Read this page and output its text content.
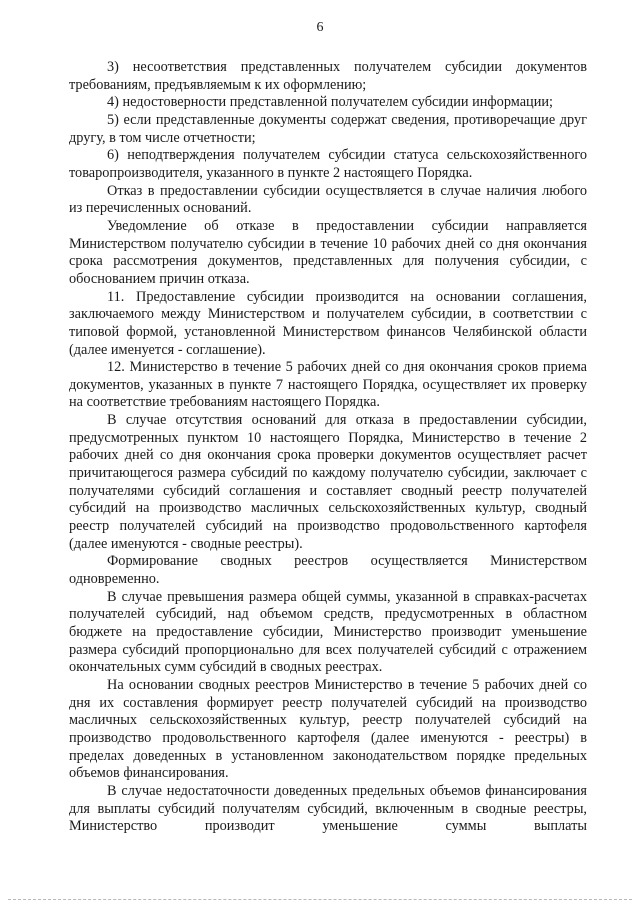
6

3) несоответствия представленных получателем субсидии документов требованиям, предъявляемым к их оформлению;

4) недостоверности представленной получателем субсидии информации;

5) если представленные документы содержат сведения, противоречащие друг другу, в том числе отчетности;

6) неподтверждения получателем субсидии статуса сельскохозяйственного товаропроизводителя, указанного в пункте 2 настоящего Порядка.

Отказ в предоставлении субсидии осуществляется в случае наличия любого из перечисленных оснований.

Уведомление об отказе в предоставлении субсидии направляется Министерством получателю субсидии в течение 10 рабочих дней со дня окончания срока рассмотрения документов, представленных для получения субсидии, с обоснованием причин отказа.

11. Предоставление субсидии производится на основании соглашения, заключаемого между Министерством и получателем субсидии, в соответствии с типовой формой, установленной Министерством финансов Челябинской области (далее именуется - соглашение).

12. Министерство в течение 5 рабочих дней со дня окончания сроков приема документов, указанных в пункте 7 настоящего Порядка, осуществляет их проверку на соответствие требованиям настоящего Порядка.

В случае отсутствия оснований для отказа в предоставлении субсидии, предусмотренных пунктом 10 настоящего Порядка, Министерство в течение 2 рабочих дней со дня окончания срока проверки документов осуществляет расчет причитающегося размера субсидий по каждому получателю субсидии, заключает с получателями субсидий соглашения и составляет сводный реестр получателей субсидий на производство масличных сельскохозяйственных культур, сводный реестр получателей субсидий на производство продовольственного картофеля (далее именуются - сводные реестры).

Формирование сводных реестров осуществляется Министерством одновременно.

В случае превышения размера общей суммы, указанной в справках-расчетах получателей субсидий, над объемом средств, предусмотренных в областном бюджете на предоставление субсидии, Министерство производит уменьшение размера субсидий пропорционально для всех получателей субсидий с отражением окончательных сумм субсидий в сводных реестрах.

На основании сводных реестров Министерство в течение 5 рабочих дней со дня их составления формирует реестр получателей субсидий на производство масличных сельскохозяйственных культур, реестр получателей субсидий на производство продовольственного картофеля (далее именуются - реестры) в пределах доведенных в установленном законодательством порядке предельных объемов финансирования.

В случае недостаточности доведенных предельных объемов финансирования для выплаты субсидий получателям субсидий, включенным в сводные реестры, Министерство производит уменьшение суммы выплаты
